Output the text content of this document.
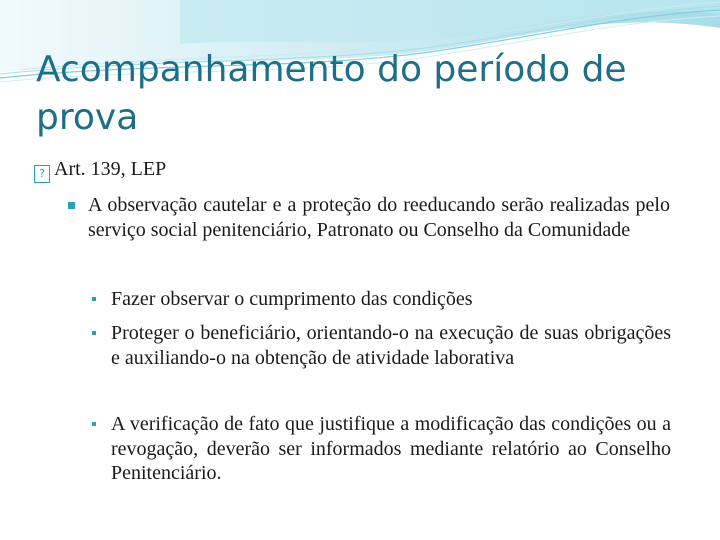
Acompanhamento do período de prova
? Art. 139, LEP
A observação cautelar e a proteção do reeducando serão realizadas pelo serviço social penitenciário, Patronato ou Conselho da Comunidade
Fazer observar o cumprimento das condições
Proteger o beneficiário, orientando-o na execução de suas obrigações e auxiliando-o na obtenção de atividade laborativa
A verificação de fato que justifique a modificação das condições ou a revogação, deverão ser informados mediante relatório ao Conselho Penitenciário.
